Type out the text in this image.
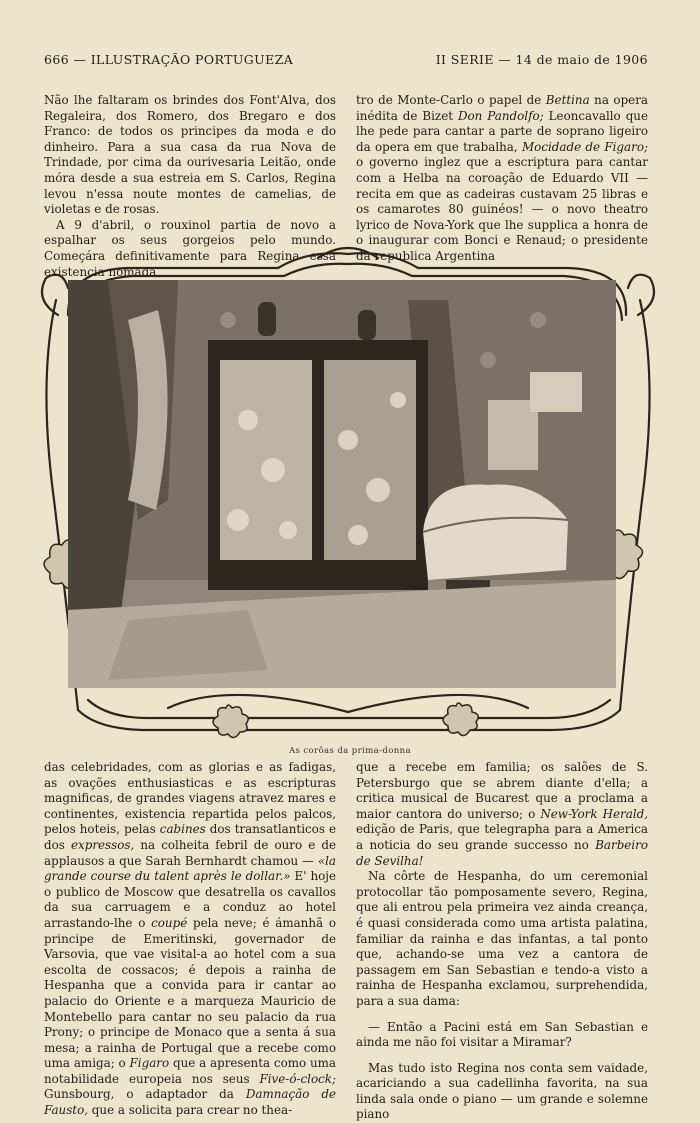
666 — ILLUSTRAÇÃO PORTUGUEZA	II SERIE — 14 de maio de 1906

Não lhe faltaram os brindes dos Font'Alva, dos Regaleira, dos Romero, dos Bregaro e dos Franco: de todos os principes da moda e do dinheiro. Para a sua casa da rua Nova de Trindade, por cima da ourivesaria Leitão, onde móra desde a sua estreia em S. Carlos, Regina levou n'essa noute montes de camelias, de violetas e de rosas.

A 9 d'abril, o rouxinol partia de novo a espalhar os seus gorgeios pelo mundo. Começára definitivamente para Regina essa existencia nomada

tro de Monte-Carlo o papel de Bettina na opera inédita de Bizet Don Pandolfo; Leoncavallo que lhe pede para cantar a parte de soprano ligeiro da opera em que trabalha, Mocidade de Figaro; o governo inglez que a escriptura para cantar com a Helba na coroação de Eduardo VII — recita em que as cadeiras custavam 25 libras e os camarotes 80 guinéos! — o novo theatro lyrico de Nova-York que lhe supplica a honra de o inaugurar com Bonci e Renaud; o presidente da republica Argentina

As corôas da prima-donna

das celebridades, com as glorias e as fadigas, as ovações enthusiasticas e as escripturas magnificas, de grandes viagens atravez mares e continentes, existencia repartida pelos palcos, pelos hoteis, pelas cabines dos transatlanticos e dos expressos, na colheita febril de ouro e de applausos a que Sarah Bernhardt chamou — «la grande course du talent après le dollar.» E' hoje o publico de Moscow que desatrella os cavallos da sua carruagem e a conduz ao hotel arrastando-lhe o coupé pela neve; é ámanhã o principe de Emeritinski, governador de Varsovia, que vae visital-a ao hotel com a sua escolta de cossacos; é depois a rainha de Hespanha que a convida para ir cantar ao palacio do Oriente e a marqueza Mauricio de Montebello para cantar no seu palacio da rua Prony; o principe de Monaco que a senta á sua mesa; a rainha de Portugal que a recebe como uma amiga; o Figaro que a apresenta como uma notabilidade europeia nos seus Five-ó-clock; Gunsbourg, o adaptador da Damnação de Fausto, que a solicita para crear no thea-

que a recebe em familia; os salões de S. Petersburgo que se abrem diante d'ella; a critica musical de Bucarest que a proclama a maior cantora do universo; o New-York Herald, edição de Paris, que telegrapha para a America a noticia do seu grande successo no Barbeiro de Sevilha!

Na côrte de Hespanha, do um ceremonial protocollar tão pomposamente severo, Regina, que ali entrou pela primeira vez ainda creança, é quasi considerada como uma artista palatina, familiar da rainha e das infantas, a tal ponto que, achando-se uma vez a cantora de passagem em San Sebastian e tendo-a visto a rainha de Hespanha exclamou, surprehendida, para a sua dama:

— Então a Pacini está em San Sebastian e ainda me não foi visitar a Miramar?

Mas tudo isto Regina nos conta sem vaidade, acariciando a sua cadellinha favorita, na sua linda sala onde o piano — um grande e solemne piano
